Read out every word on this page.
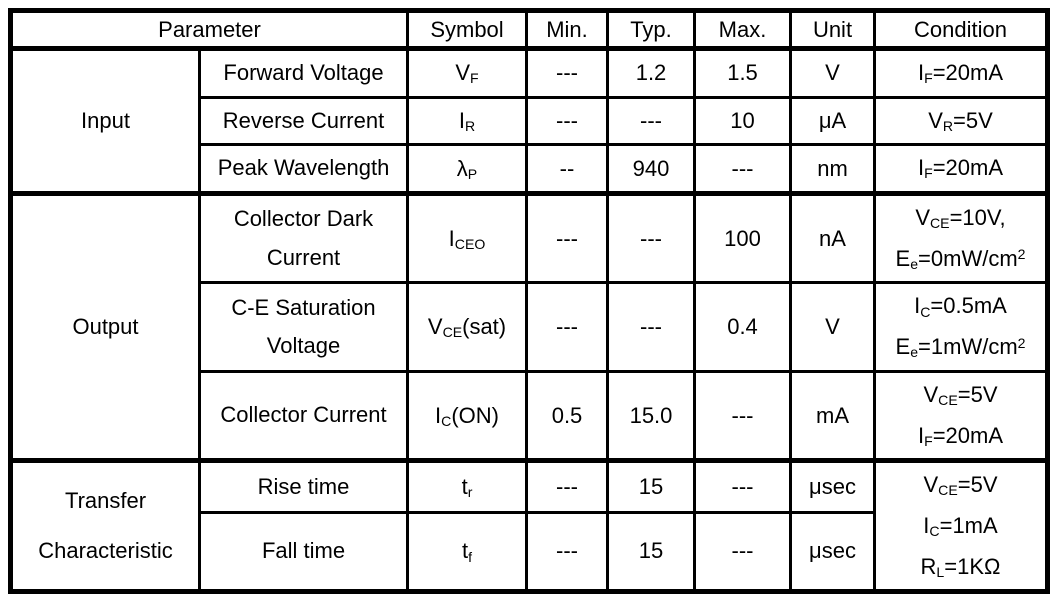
Parameter		Symbol	Min.	Typ.	Max.	Unit	Condition
Input	Forward Voltage	$V_F$	---	1.2	1.5	V	$I_F=20mA$
	Reverse Current	$I_R$	---	---	10	μA	$V_R=5V$
	Peak Wavelength	$\lambda_P$	--	940	---	nm	$I_F=20mA$
Output	Collector Dark Current	$I_{CEO}$	---	---	100	nA	$V_{CE}=10V$,
$E_e=0mW/cm^2$
	C-E Saturation Voltage	$V_{CE}(sat)$	---	---	0.4	V	$I_C=0.5mA$
$E_e=1mW/cm^2$
	Collector Current	$I_C(ON)$	0.5	15.0	---	mA	$V_{CE}=5V$
$I_F=20mA$
Transfer Characteristic	Rise time	$t_r$	---	15	---	μsec	$V_{CE}=5V$
$I_C=1mA$
$R_L=1K\Omega$
	Fall time	$t_f$	---	15	---	μsec	
